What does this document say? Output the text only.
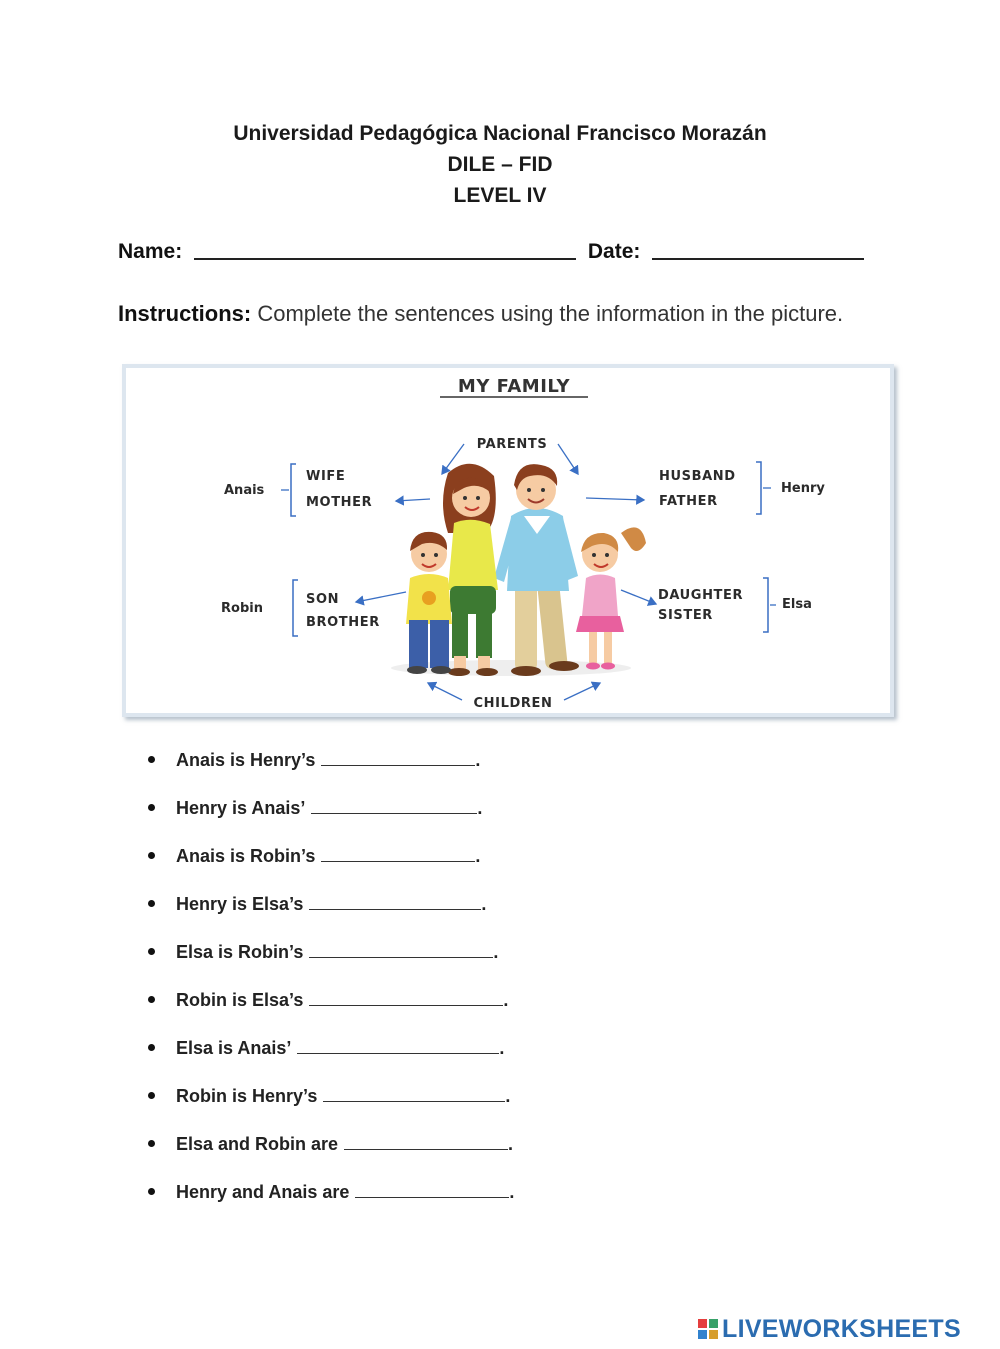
Universidad Pedagógica Nacional Francisco Morazán
DILE – FID
LEVEL IV
Name:	Date:
Instructions: Complete the sentences using the information in the picture.
MY FAMILY
PARENTS
CHILDREN
Anais
WIFE
MOTHER
HUSBAND
FATHER
Henry
Robin
SON
BROTHER
DAUGHTER
SISTER
Elsa
Anais is Henry’s	.
Henry is Anais’	.
Anais is Robin’s	.
Henry is Elsa’s	.
Elsa is Robin’s	.
Robin is Elsa’s	.
Elsa is Anais’	.
Robin is Henry’s	.
Elsa and Robin are	.
Henry and Anais are	.
LIVEWORKSHEETS
